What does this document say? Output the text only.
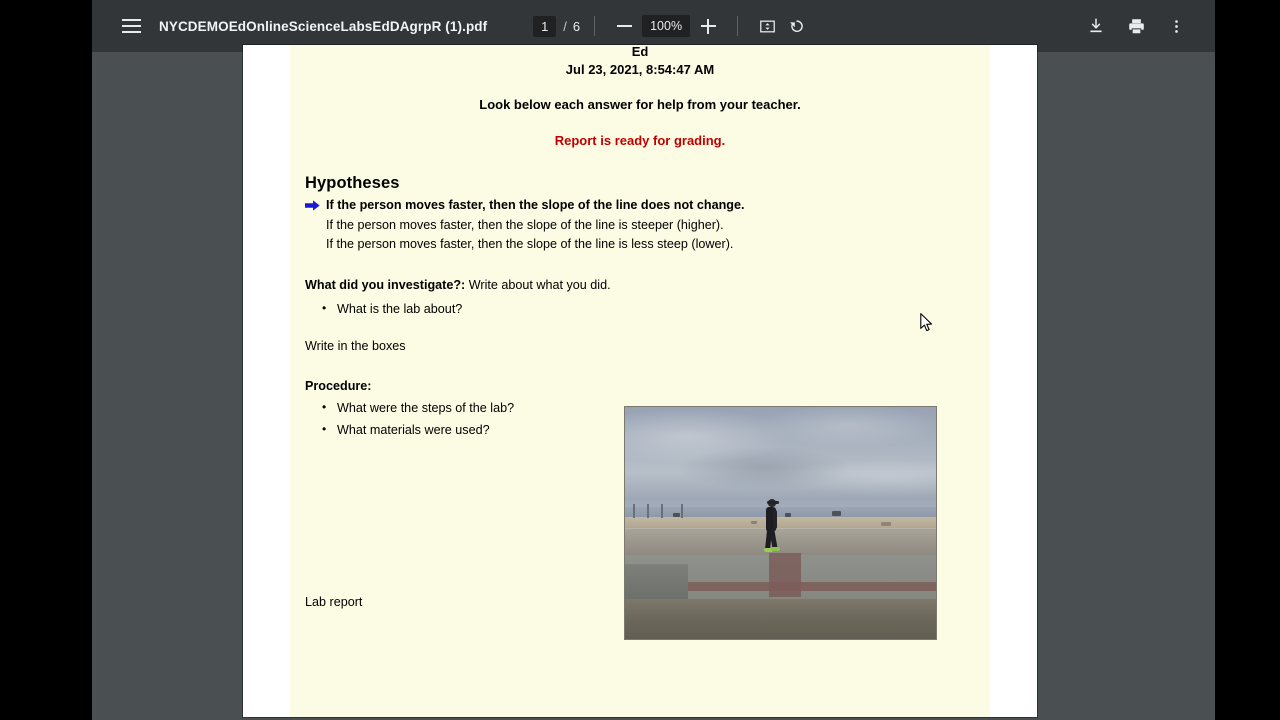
NYCDEMOEdOnlineScienceLabsEdDAgrpR (1).pdf	1	/ 6	100%
Ed
Jul 23, 2021, 8:54:47 AM
Look below each answer for help from your teacher.
Report is ready for grading.
Hypotheses
If the person moves faster, then the slope of the line does not change.
If the person moves faster, then the slope of the line is steeper (higher).
If the person moves faster, then the slope of the line is less steep (lower).
What did you investigate?: Write about what you did.
• What is the lab about?
Write in the boxes
Procedure:
• What were the steps of the lab?
• What materials were used?
Lab report
